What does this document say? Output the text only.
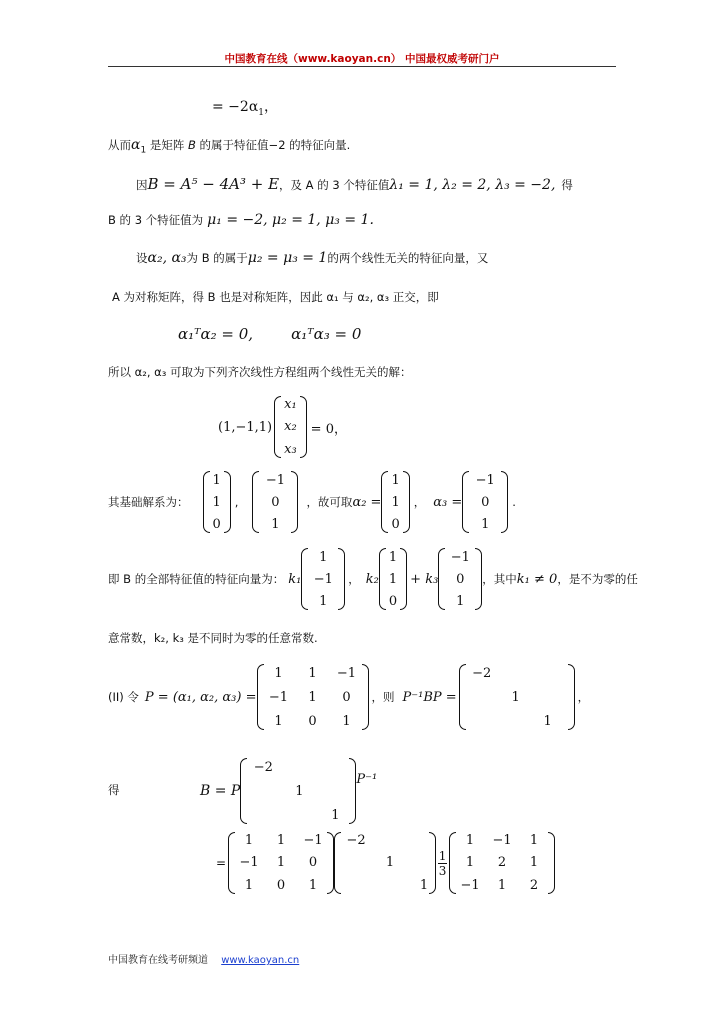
中国教育在线（www.kaoyan.cn） 中国最权威考研门户
= $-2\alpha_1$，
从而$\alpha_1$ 是矩阵 B 的属于特征值−2 的特征向量.
因B = A⁵ − 4A³ + E，及 A 的 3 个特征值λ₁ = 1, λ₂ = 2, λ₃ = −2, 得
B 的 3 个特征值为 μ₁ = −2, μ₂ = 1, μ₃ = 1.
设α₂, α₃为 B 的属于μ₂ = μ₃ = 1的两个线性无关的特征向量，又
A 为对称矩阵，得 B 也是对称矩阵，因此 α₁ 与 α₂, α₃ 正交，即
α₁ᵀα₂ = 0,        α₁ᵀα₃ = 0
所以 α₂, α₃ 可取为下列齐次线性方程组两个线性无关的解：
(1,−1,1)
x₁
x₂
x₃
= 0，
其基础解系为：
1
1
0
,
−1
0
1
，故可取 α₂ =
1
1
0
， α₃ =
−1
0
1
.
即 B 的全部特征值的特征向量为： k₁
1
−1
1
， k₂
1
1
0
+ k₃
−1
0
1
，其中 k₁ ≠ 0 ，是不为零的任
意常数，k₂, k₃ 是不同时为零的任意常数.
(II) 令 P = (α₁, α₂, α₃) =
1 1 −1
−1 1 0
1 0 1
，则 P⁻¹BP =
−2
1
1
，
得	B = P
−2
1
1
P⁻¹
=
1 1 −1
−1 1 0
1 0 1
−2
1
1
1
3
1 −1 1
1 2 1
−1 1 2
中国教育在线考研频道 www.kaoyan.cn
